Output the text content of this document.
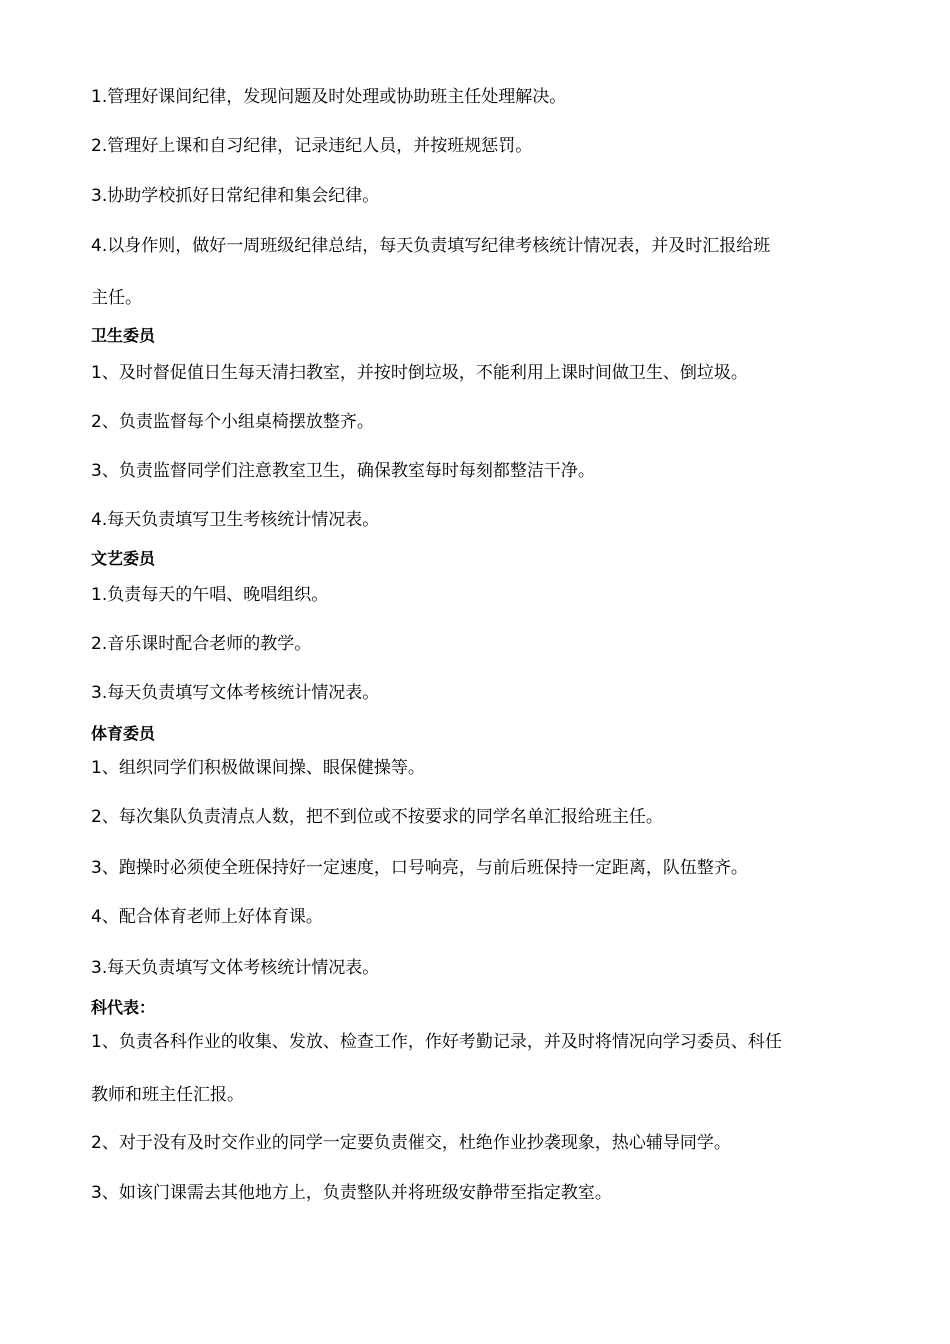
1.管理好课间纪律，发现问题及时处理或协助班主任处理解决。
2.管理好上课和自习纪律，记录违纪人员，并按班规惩罚。
3.协助学校抓好日常纪律和集会纪律。
4.以身作则，做好一周班级纪律总结，每天负责填写纪律考核统计情况表，并及时汇报给班
主任。
卫生委员
1、及时督促值日生每天清扫教室，并按时倒垃圾，不能利用上课时间做卫生、倒垃圾。
2、负责监督每个小组桌椅摆放整齐。
3、负责监督同学们注意教室卫生，确保教室每时每刻都整洁干净。
4.每天负责填写卫生考核统计情况表。
文艺委员
1.负责每天的午唱、晚唱组织。
2.音乐课时配合老师的教学。
3.每天负责填写文体考核统计情况表。
体育委员
1、组织同学们积极做课间操、眼保健操等。
2、每次集队负责清点人数，把不到位或不按要求的同学名单汇报给班主任。
3、跑操时必须使全班保持好一定速度，口号响亮，与前后班保持一定距离，队伍整齐。
4、配合体育老师上好体育课。
3.每天负责填写文体考核统计情况表。
科代表：
1、负责各科作业的收集、发放、检查工作，作好考勤记录，并及时将情况向学习委员、科任
教师和班主任汇报。
2、对于没有及时交作业的同学一定要负责催交，杜绝作业抄袭现象，热心辅导同学。
3、如该门课需去其他地方上，负责整队并将班级安静带至指定教室。
